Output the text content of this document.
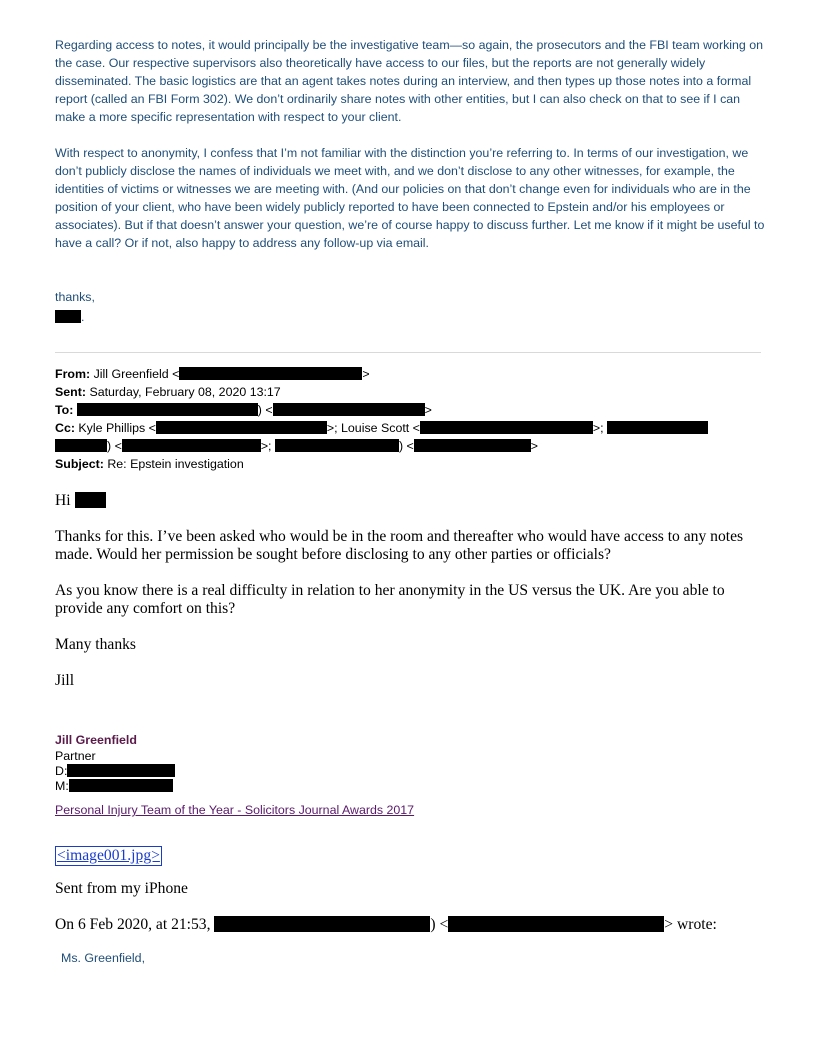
Regarding access to notes, it would principally be the investigative team—so again, the prosecutors and the FBI team working on the case. Our respective supervisors also theoretically have access to our files, but the reports are not generally widely disseminated. The basic logistics are that an agent takes notes during an interview, and then types up those notes into a formal report (called an FBI Form 302). We don’t ordinarily share notes with other entities, but I can also check on that to see if I can make a more specific representation with respect to your client.
With respect to anonymity, I confess that I’m not familiar with the distinction you’re referring to. In terms of our investigation, we don’t publicly disclose the names of individuals we meet with, and we don’t disclose to any other witnesses, for example, the identities of victims or witnesses we are meeting with. (And our policies on that don’t change even for individuals who are in the position of your client, who have been widely publicly reported to have been connected to Epstein and/or his employees or associates). But if that doesn’t answer your question, we’re of course happy to discuss further. Let me know if it might be useful to have a call? Or if not, also happy to address any follow-up via email.
thanks,
.
From: Jill Greenfield <	>
Sent: Saturday, February 08, 2020 13:17
To:	) <	>
Cc: Kyle Phillips <	>; Louise Scott <	>;
) <	>;	) <	>
Subject: Re: Epstein investigation
Hi
Thanks for this. I’ve been asked who would be in the room and thereafter who would have access to any notes made. Would her permission be sought before disclosing to any other parties or officials?
As you know there is a real difficulty in relation to her anonymity in the US versus the UK. Are you able to provide any comfort on this?
Many thanks
Jill
Jill Greenfield
Partner
D:
M:
Personal Injury Team of the Year - Solicitors Journal Awards 2017
<image001.jpg>
Sent from my iPhone
On 6 Feb 2020, at 21:53,	) <	> wrote:
Ms. Greenfield,
